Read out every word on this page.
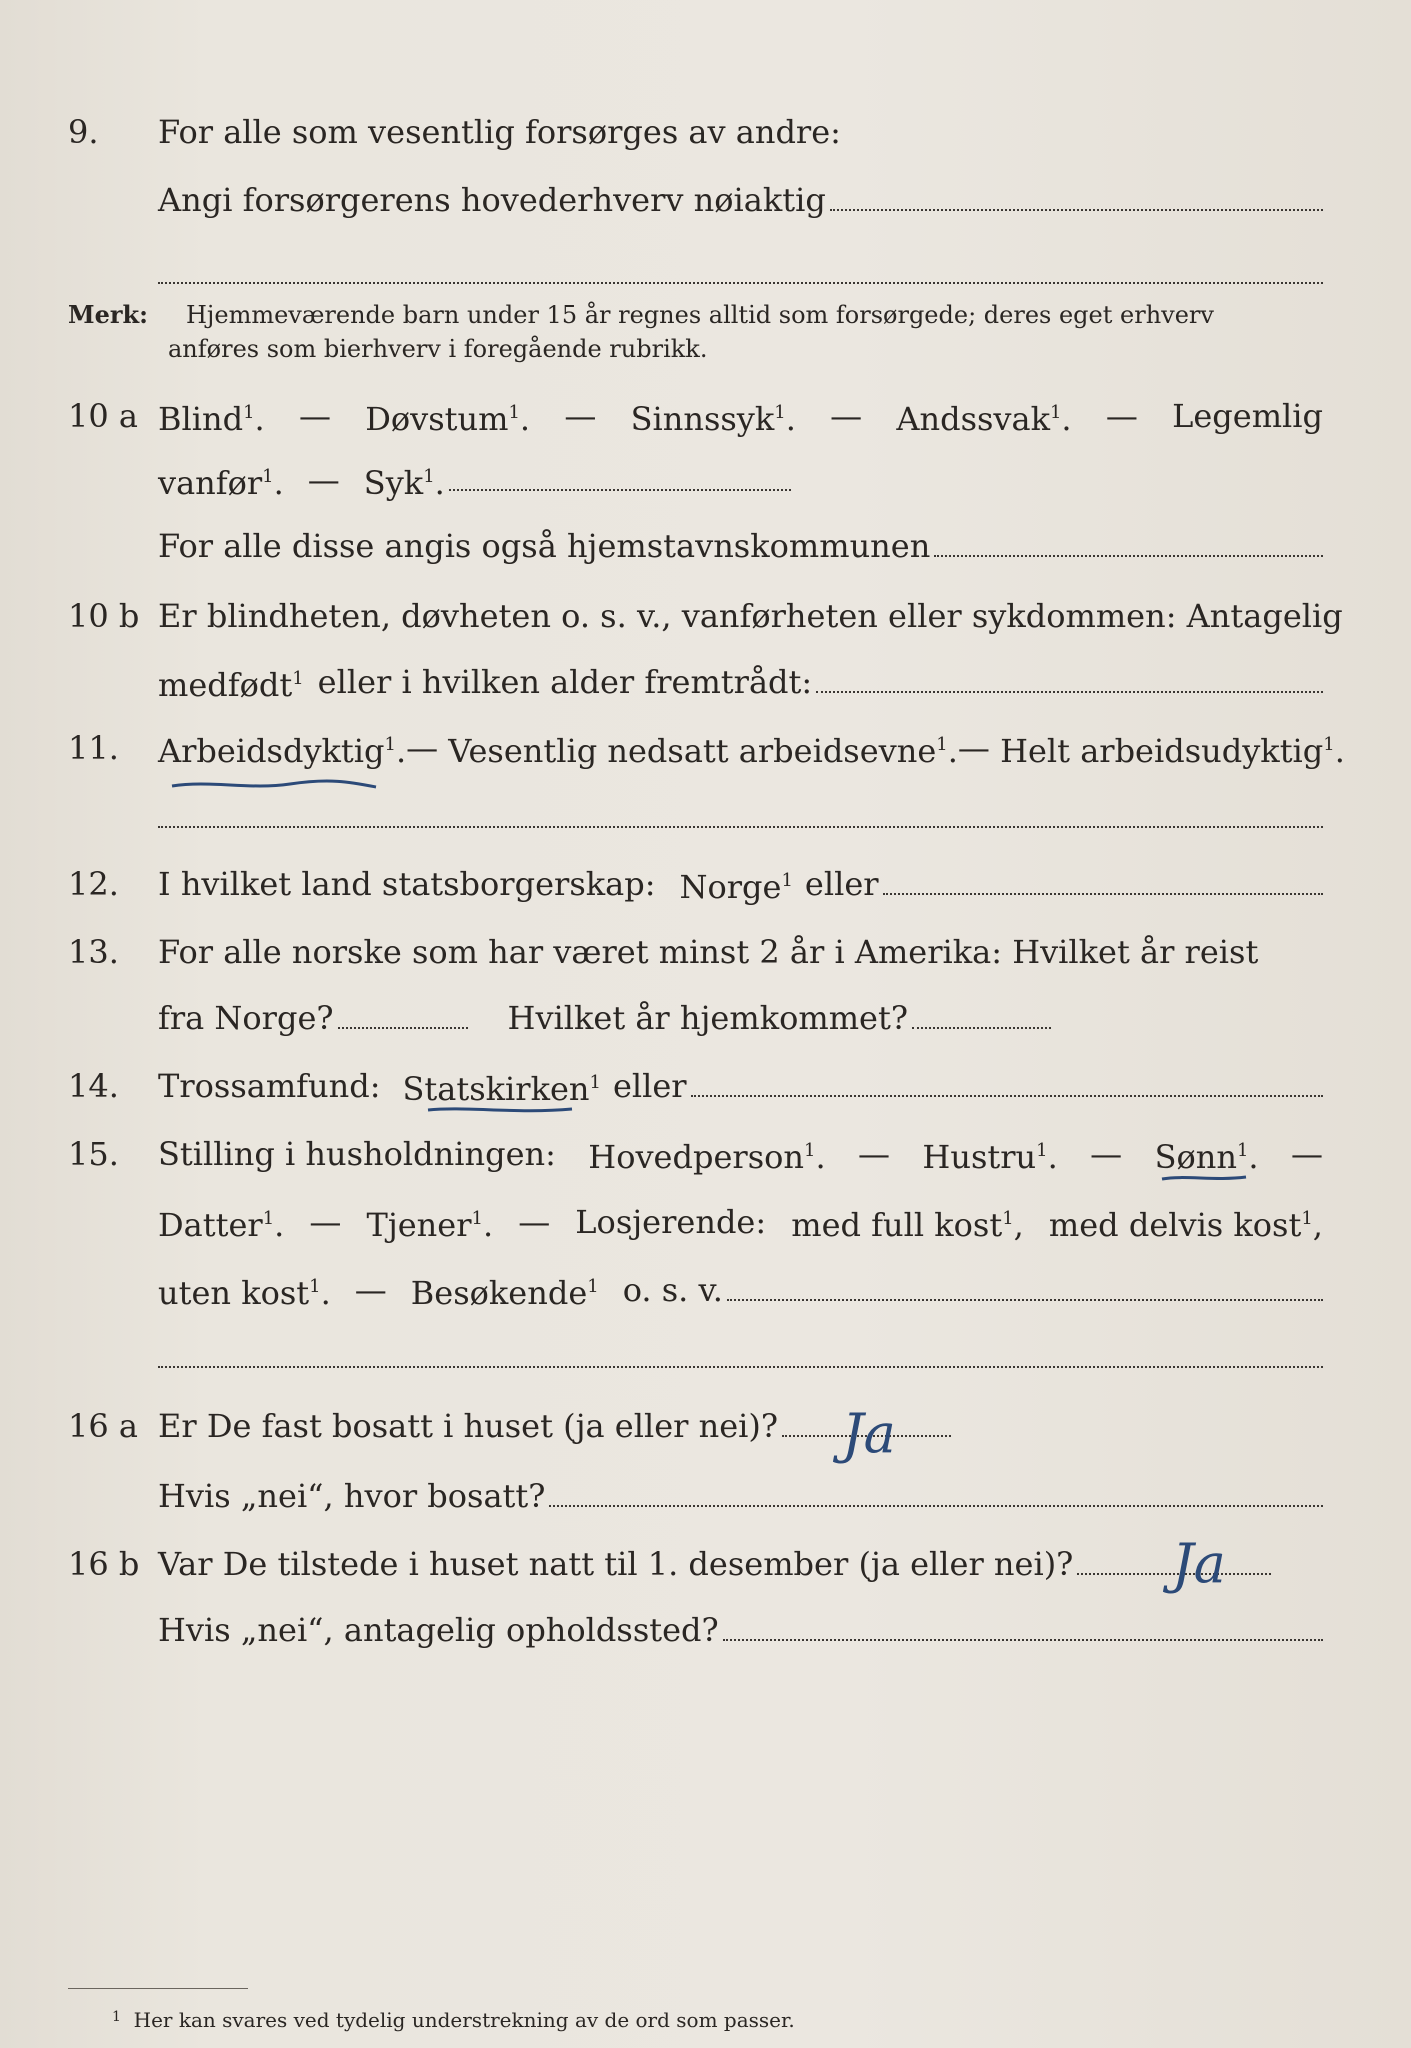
9.	For alle som vesentlig forsørges av andre:
Angi forsørgerens hovederhverv nøiaktig
Merk: Hjemmeværende barn under 15 år regnes alltid som forsørgede; deres eget erhverv
anføres som bierhverv i foregående rubrikk.
10 a Blind$^1$. — Døvstum$^1$. — Sinnssyk$^1$. — Andssvak$^1$. — Legemlig
vanfør$^1$. — Syk$^1$.
For alle disse angis også hjemstavnskommunen
10 b Er blindheten, døvheten o. s. v., vanførheten eller sykdommen: Antagelig
medfødt$^1$ eller i hvilken alder fremtrådt:
11.	Arbeidsdyktig$^1$. —
Vesentlig nedsatt arbeidsevne$^1$. —
Helt arbeidsudyktig$^1$.
12.	I hvilket land statsborgerskap: Norge$^1$ eller
13.	For alle norske som har været minst 2 år i Amerika: Hvilket år reist
fra Norge?	Hvilket år hjemkommet?
14.	Trossamfund: Statskirken$^1$ eller
15.	Stilling i husholdningen: Hovedperson$^1$. — Hustru$^1$. — Sønn$^1$. —
Datter$^1$. — Tjener$^1$. — Losjerende: med full kost$^1$, med delvis kost$^1$,
uten kost$^1$. — Besøkende$^1$ o. s. v.
16 a Er De fast bosatt i huset (ja eller nei)? Ja
Hvis „nei“, hvor bosatt?
16 b Var De tilstede i huset natt til 1. desember (ja eller nei)? Ja
Hvis „nei“, antagelig opholdssted?
$^1$ Her kan svares ved tydelig understrekning av de ord som passer.
